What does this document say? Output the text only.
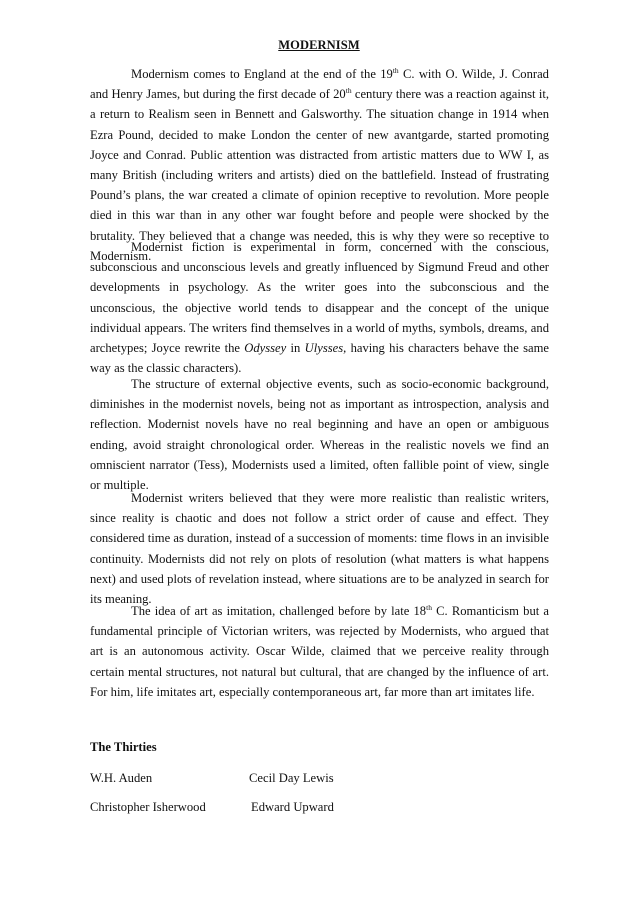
MODERNISM

Modernism comes to England at the end of the 19th C. with O. Wilde, J. Conrad and Henry James, but during the first decade of 20th century there was a reaction against it, a return to Realism seen in Bennett and Galsworthy. The situation change in 1914 when Ezra Pound, decided to make London the center of new avantgarde, started promoting Joyce and Conrad. Public attention was distracted from artistic matters due to WW I, as many British (including writers and artists) died on the battlefield. Instead of frustrating Pound’s plans, the war created a climate of opinion receptive to revolution. More people died in this war than in any other war fought before and people were shocked by the brutality. They believed that a change was needed, this is why they were so receptive to Modernism.

Modernist fiction is experimental in form, concerned with the conscious, subconscious and unconscious levels and greatly influenced by Sigmund Freud and other developments in psychology. As the writer goes into the subconscious and the unconscious, the objective world tends to disappear and the concept of the unique individual appears. The writers find themselves in a world of myths, symbols, dreams, and archetypes; Joyce rewrite the Odyssey in Ulysses, having his characters behave the same way as the classic characters).

The structure of external objective events, such as socio-economic background, diminishes in the modernist novels, being not as important as introspection, analysis and reflection. Modernist novels have no real beginning and have an open or ambiguous ending, avoid straight chronological order. Whereas in the realistic novels we find an omniscient narrator (Tess), Modernists used a limited, often fallible point of view, single or multiple.

Modernist writers believed that they were more realistic than realistic writers, since reality is chaotic and does not follow a strict order of cause and effect. They considered time as duration, instead of a succession of moments: time flows in an invisible continuity. Modernists did not rely on plots of resolution (what matters is what happens next) and used plots of revelation instead, where situations are to be analyzed in search for its meaning.

The idea of art as imitation, challenged before by late 18th C. Romanticism but a fundamental principle of Victorian writers, was rejected by Modernists, who argued that art is an autonomous activity. Oscar Wilde, claimed that we perceive reality through certain mental structures, not natural but cultural, that are changed by the influence of art. For him, life imitates art, especially contemporaneous art, far more than art imitates life.

The Thirties
W.H. Auden	Cecil Day Lewis
Christopher Isherwood	Edward Upward
